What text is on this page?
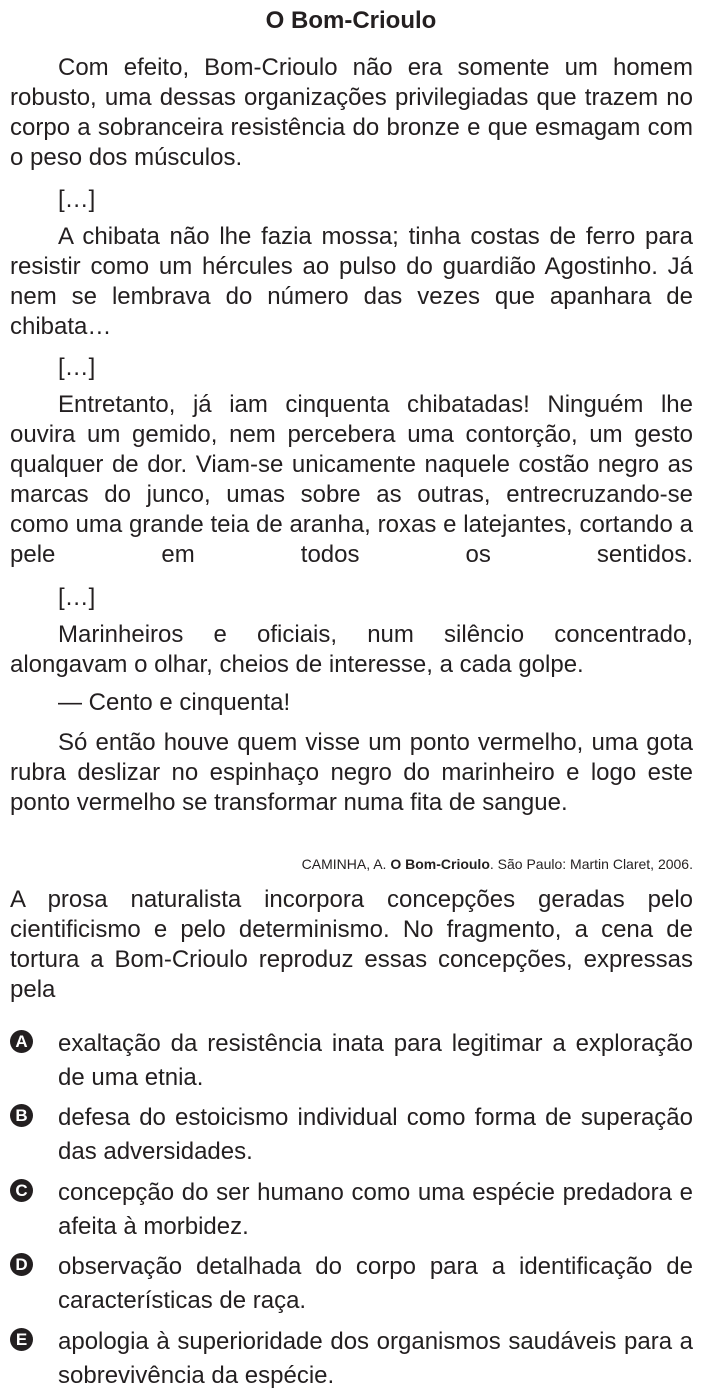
O Bom-Crioulo
Com efeito, Bom-Crioulo não era somente um homem robusto, uma dessas organizações privilegiadas que trazem no corpo a sobranceira resistência do bronze e que esmagam com o peso dos músculos.
[…]
A chibata não lhe fazia mossa; tinha costas de ferro para resistir como um hércules ao pulso do guardião Agostinho. Já nem se lembrava do número das vezes que apanhara de chibata…
[…]
Entretanto, já iam cinquenta chibatadas! Ninguém lhe ouvira um gemido, nem percebera uma contorção, um gesto qualquer de dor. Viam-se unicamente naquele costão negro as marcas do junco, umas sobre as outras, entrecruzando-se como uma grande teia de aranha, roxas e latejantes, cortando a pele em todos os sentidos.
[…]
Marinheiros e oficiais, num silêncio concentrado, alongavam o olhar, cheios de interesse, a cada golpe.
— Cento e cinquenta!
Só então houve quem visse um ponto vermelho, uma gota rubra deslizar no espinhaço negro do marinheiro e logo este ponto vermelho se transformar numa fita de sangue.
CAMINHA, A. O Bom-Crioulo. São Paulo: Martin Claret, 2006.
A prosa naturalista incorpora concepções geradas pelo cientificismo e pelo determinismo. No fragmento, a cena de tortura a Bom-Crioulo reproduz essas concepções, expressas pela
A exaltação da resistência inata para legitimar a exploração de uma etnia.
B defesa do estoicismo individual como forma de superação das adversidades.
C concepção do ser humano como uma espécie predadora e afeita à morbidez.
D observação detalhada do corpo para a identificação de características de raça.
E apologia à superioridade dos organismos saudáveis para a sobrevivência da espécie.
